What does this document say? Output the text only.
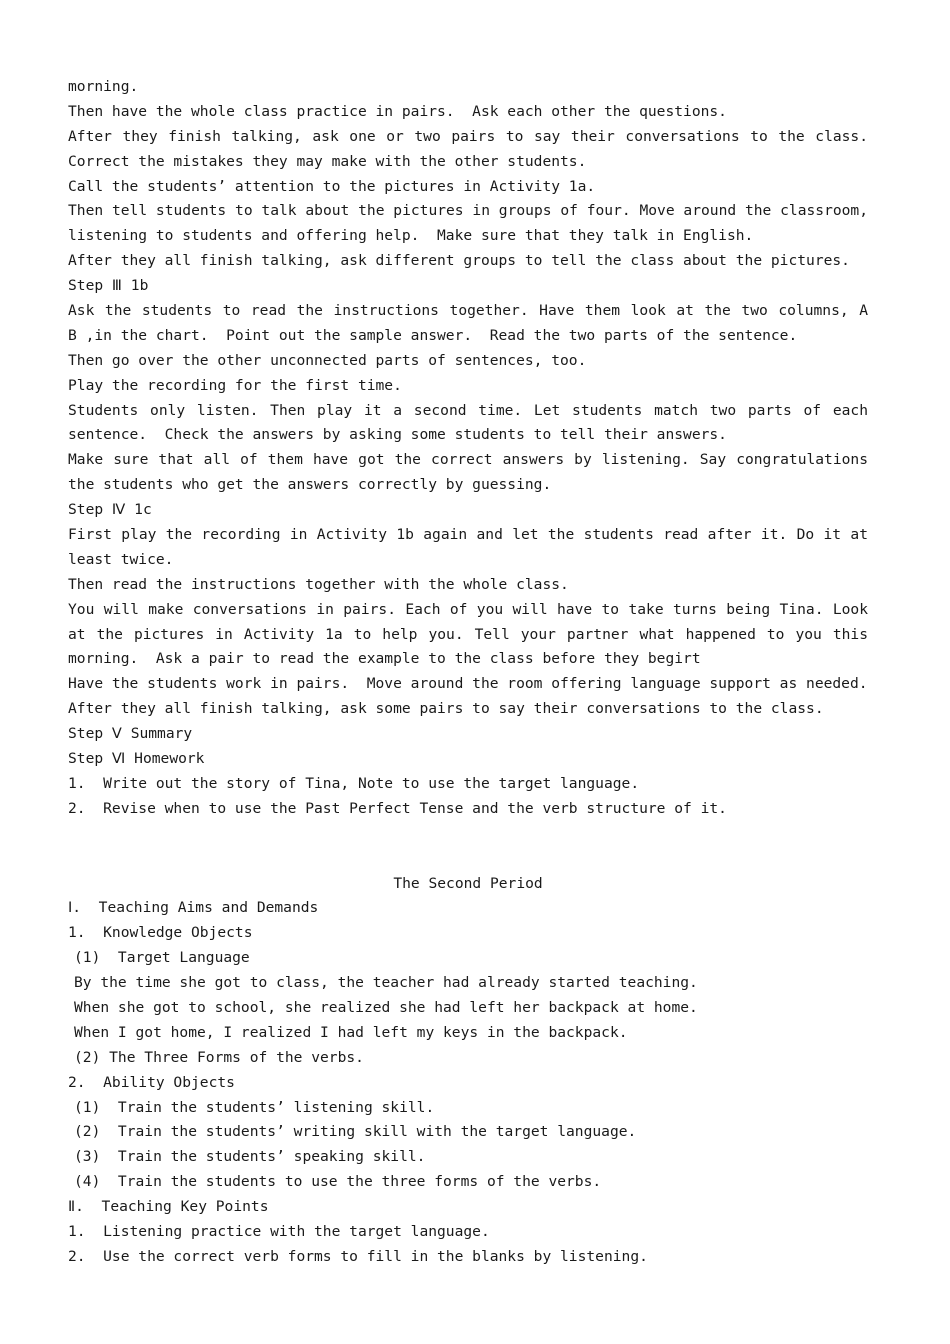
morning.
Then have the whole class practice in pairs.  Ask each other the questions.
After they finish talking, ask one or two pairs to say their conversations to the class.
Correct the mistakes they may make with the other students.
Call the students’ attention to the pictures in Activity 1a.
Then tell students to talk about the pictures in groups of four. Move around the classroom,
listening to students and offering help.  Make sure that they talk in English.
After they all finish talking, ask different groups to tell the class about the pictures.
Step Ⅲ 1b
Ask the students to read the instructions together. Have them look at the two columns, A
B ,in the chart.  Point out the sample answer.  Read the two parts of the sentence.
Then go over the other unconnected parts of sentences, too.
Play the recording for the first time.
Students only listen. Then play it a second time. Let students match two parts of each
sentence.  Check the answers by asking some students to tell their answers.
Make sure that all of them have got the correct answers by listening. Say congratulations
the students who get the answers correctly by guessing.
Step Ⅳ 1c
First play the recording in Activity 1b again and let the students read after it. Do it at
least twice.
Then read the instructions together with the whole class.
You will make conversations in pairs. Each of you will have to take turns being Tina. Look
at the pictures in Activity 1a to help you. Tell your partner what happened to you this
morning.  Ask a pair to read the example to the class before they begirt
Have the students work in pairs.  Move around the room offering language support as needed.
After they all finish talking, ask some pairs to say their conversations to the class.
Step Ⅴ Summary
Step Ⅵ Homework
1.  Write out the story of Tina, Note to use the target language.
2.  Revise when to use the Past Perfect Tense and the verb structure of it.
The Second Period
Ⅰ.  Teaching Aims and Demands
1.  Knowledge Objects
(1)  Target Language
By the time she got to class, the teacher had already started teaching.
When she got to school, she realized she had left her backpack at home.
When I got home, I realized I had left my keys in the backpack.
(2) The Three Forms of the verbs.
2.  Ability Objects
(1)  Train the students’ listening skill.
(2)  Train the students’ writing skill with the target language.
(3)  Train the students’ speaking skill.
(4)  Train the students to use the three forms of the verbs.
Ⅱ.  Teaching Key Points
1.  Listening practice with the target language.
2.  Use the correct verb forms to fill in the blanks by listening.
